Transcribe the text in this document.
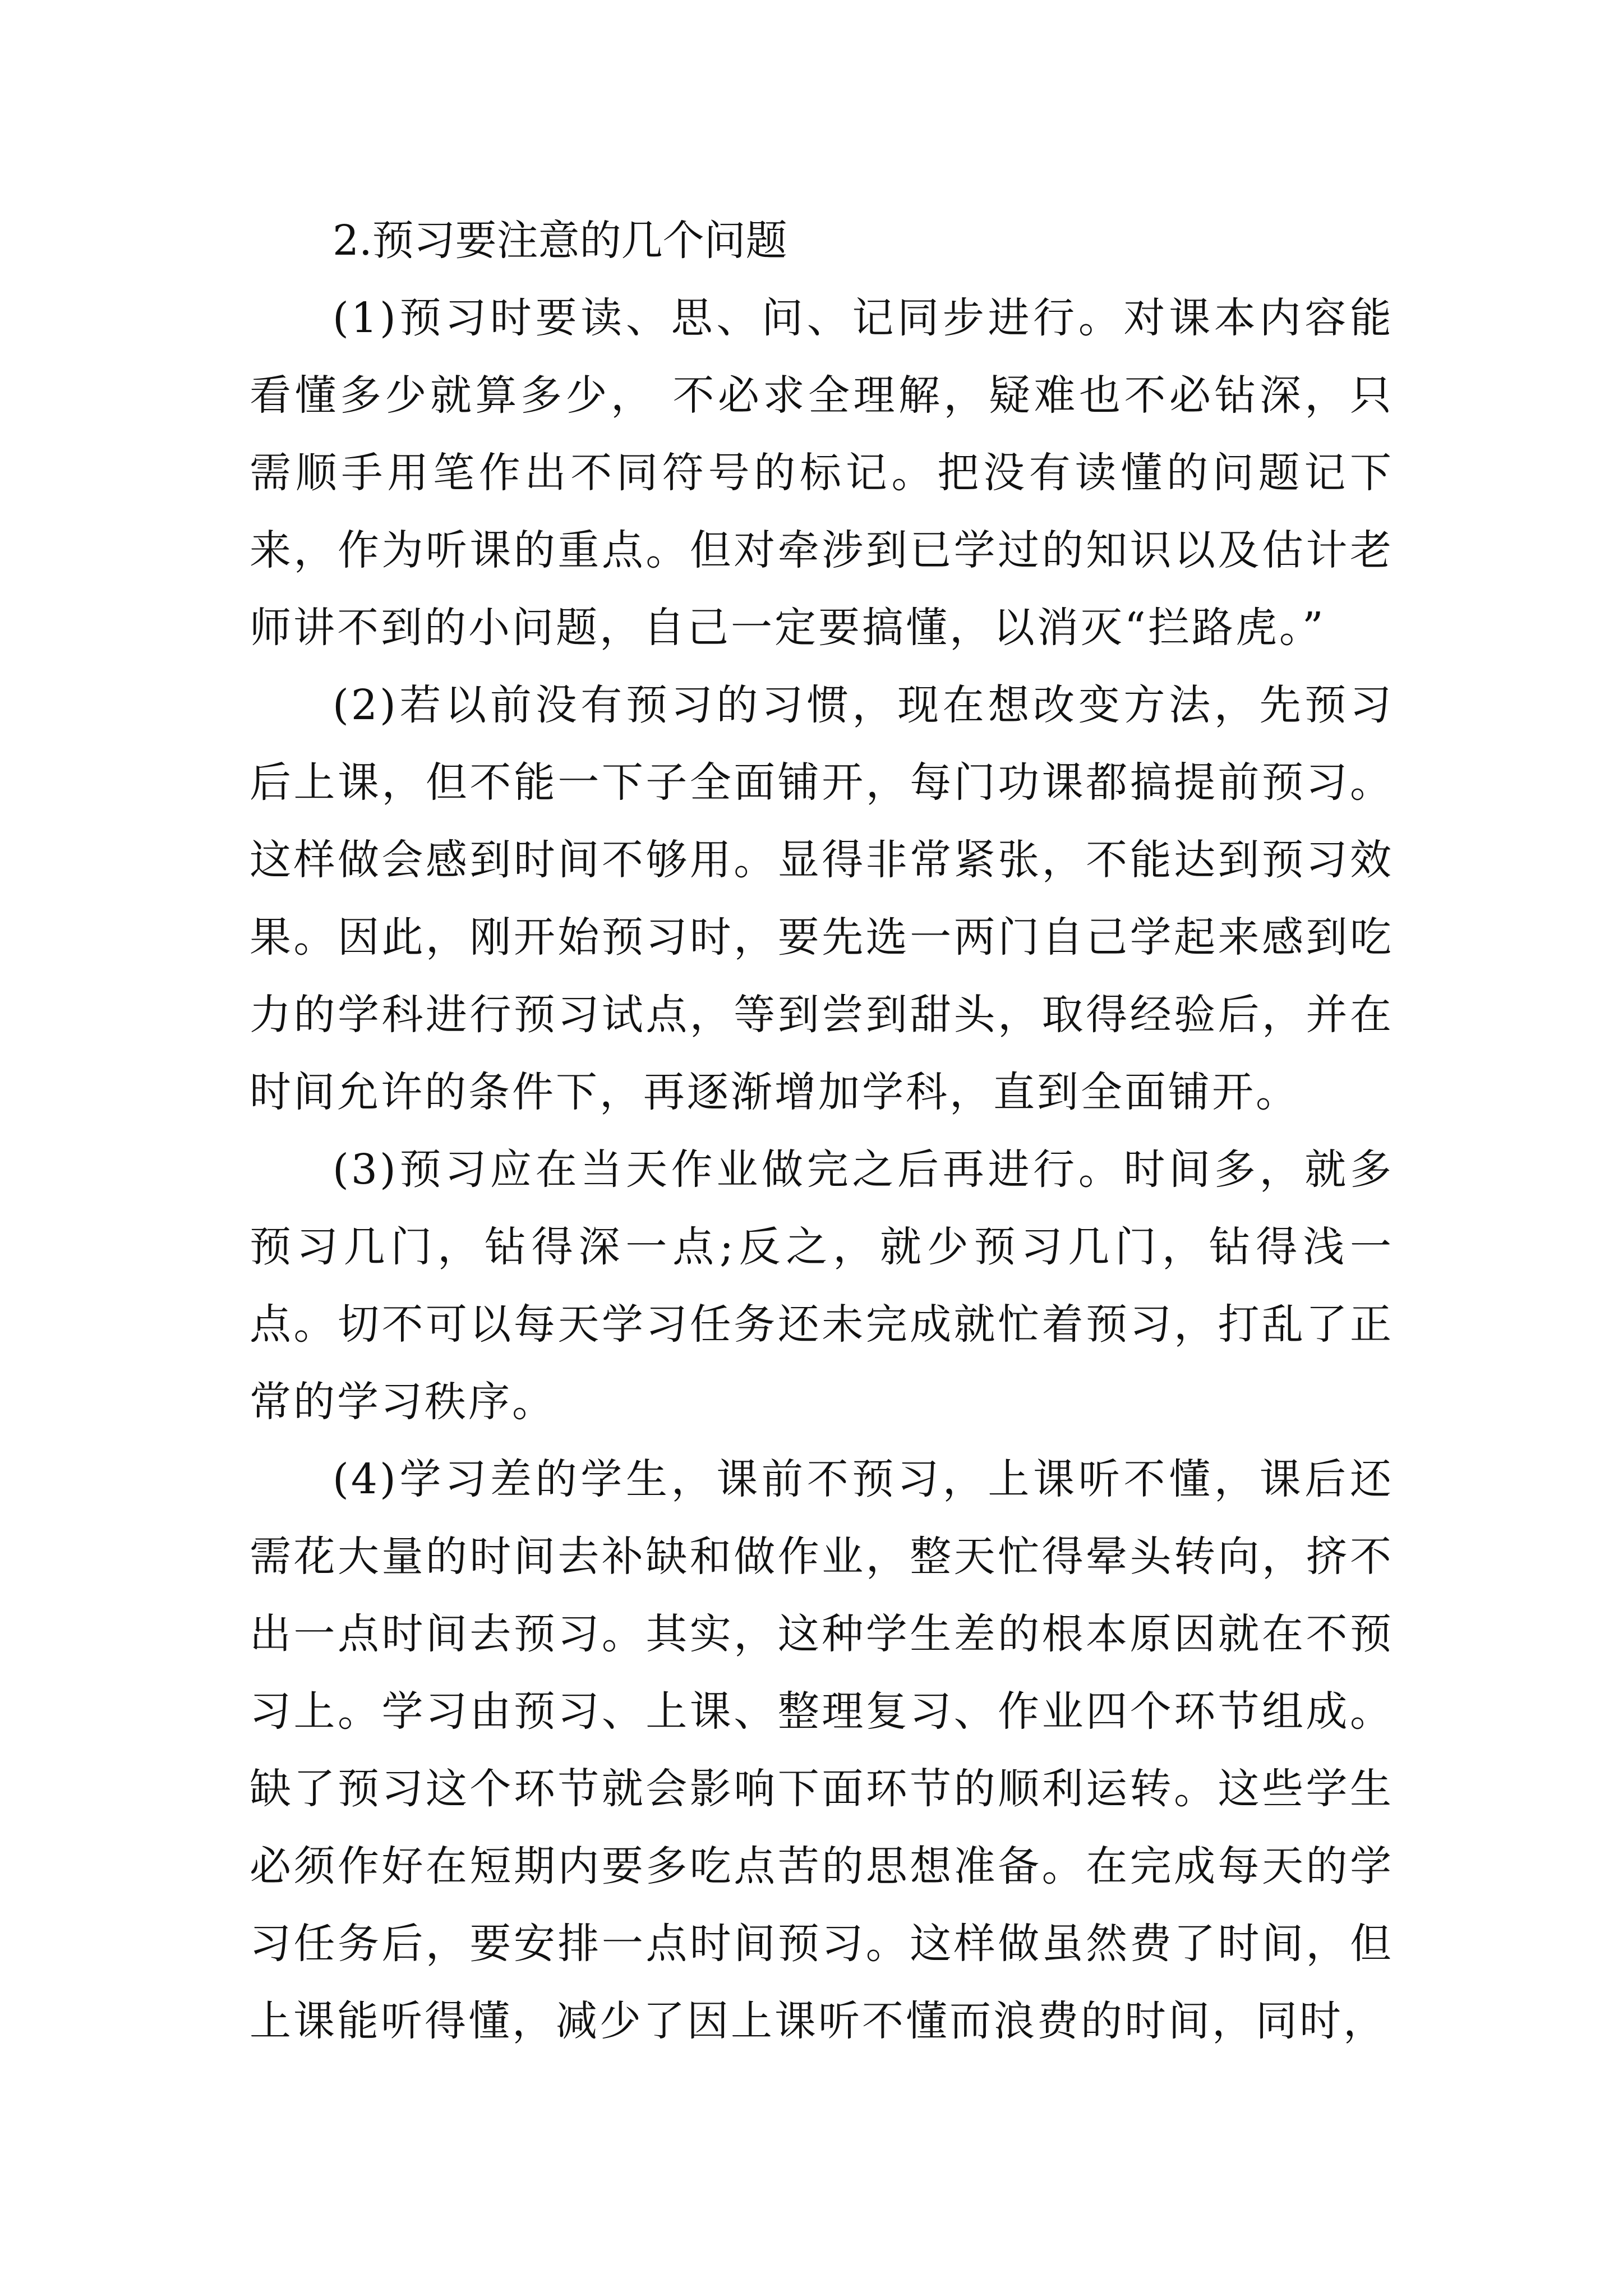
2.预习要注意的几个问题

(1)预习时要读、思、问、记同步进行。对课本内容能看懂多少就算多少， 不必求全理解，疑难也不必钻深，只需顺手用笔作出不同符号的标记。把没有读懂的问题记下来，作为听课的重点。但对牵涉到已学过的知识以及估计老师讲不到的小问题，自己一定要搞懂，以消灭“拦路虎。”

(2)若以前没有预习的习惯，现在想改变方法，先预习后上课，但不能一下子全面铺开，每门功课都搞提前预习。这样做会感到时间不够用。显得非常紧张，不能达到预习效果。因此，刚开始预习时，要先选一两门自己学起来感到吃力的学科进行预习试点，等到尝到甜头，取得经验后，并在时间允许的条件下，再逐渐增加学科，直到全面铺开。

(3)预习应在当天作业做完之后再进行。时间多，就多预习几门，钻得深一点;反之，就少预习几门，钻得浅一点。切不可以每天学习任务还未完成就忙着预习，打乱了正常的学习秩序。

(4)学习差的学生，课前不预习，上课听不懂，课后还需花大量的时间去补缺和做作业，整天忙得晕头转向，挤不出一点时间去预习。其实，这种学生差的根本原因就在不预习上。学习由预习、上课、整理复习、作业四个环节组成。缺了预习这个环节就会影响下面环节的顺利运转。这些学生必须作好在短期内要多吃点苦的思想准备。在完成每天的学习任务后，要安排一点时间预习。这样做虽然费了时间，但上课能听得懂，减少了因上课听不懂而浪费的时间，同时，
